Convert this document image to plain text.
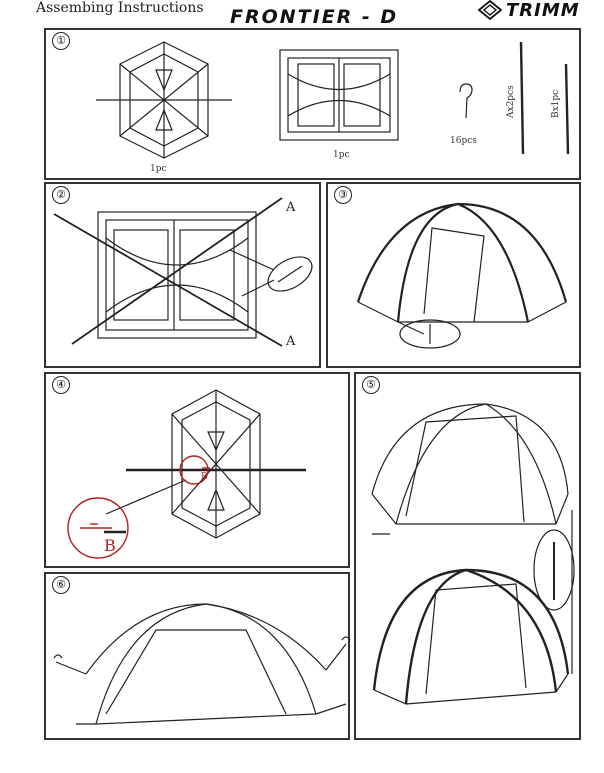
Assembing Instructions FRONTIER - D	TRIMM
①
1pc
1pc
16pcs
Ax2pcs	Bx1pc
②
A
A
③
④
B
B
⑤
⑥
